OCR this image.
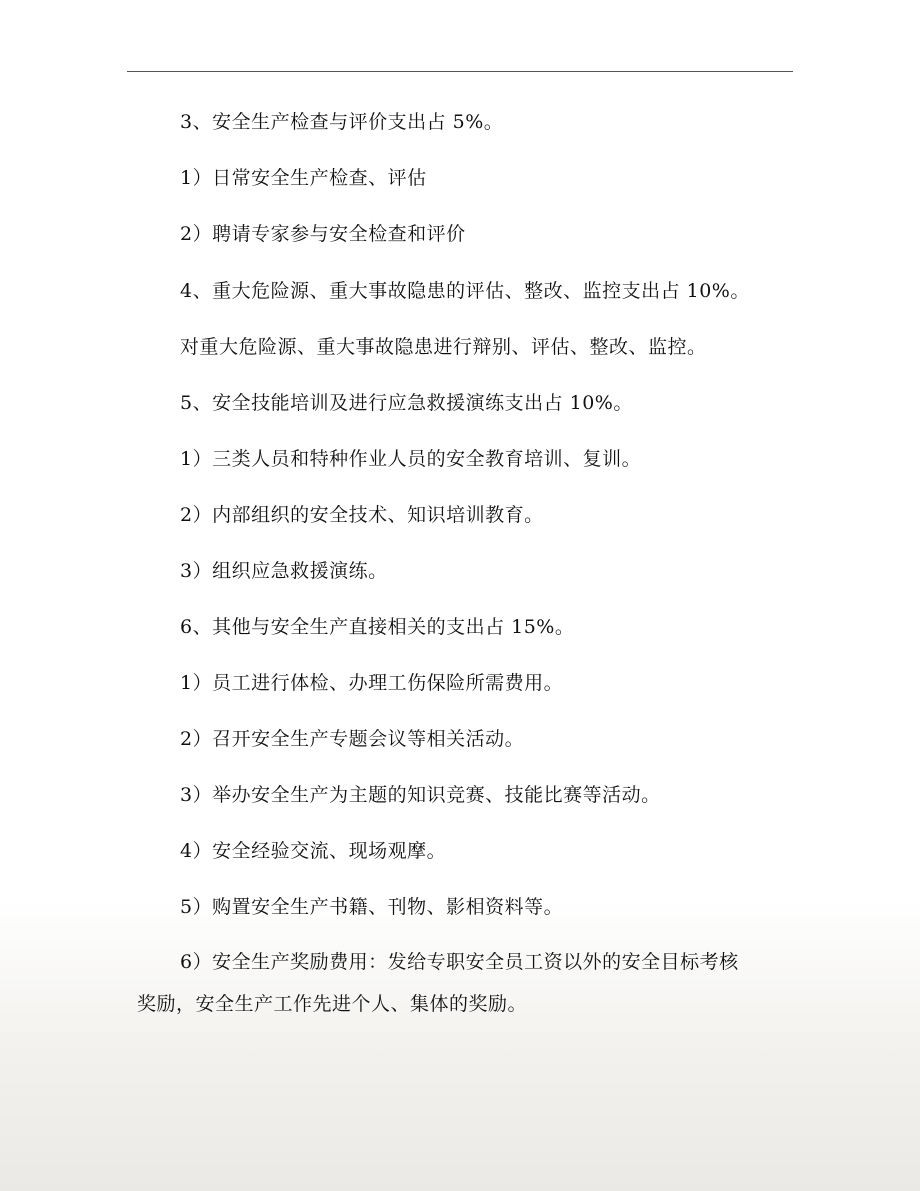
3、安全生产检查与评价支出占 5%。
1）日常安全生产检查、评估
2）聘请专家参与安全检查和评价
4、重大危险源、重大事故隐患的评估、整改、监控支出占 10%。
对重大危险源、重大事故隐患进行辩别、评估、整改、监控。
5、安全技能培训及进行应急救援演练支出占 10%。
1）三类人员和特种作业人员的安全教育培训、复训。
2）内部组织的安全技术、知识培训教育。
3）组织应急救援演练。
6、其他与安全生产直接相关的支出占 15%。
1）员工进行体检、办理工伤保险所需费用。
2）召开安全生产专题会议等相关活动。
3）举办安全生产为主题的知识竞赛、技能比赛等活动。
4）安全经验交流、现场观摩。
5）购置安全生产书籍、刊物、影相资料等。
6）安全生产奖励费用：发给专职安全员工资以外的安全目标考核
奖励，安全生产工作先进个人、集体的奖励。
